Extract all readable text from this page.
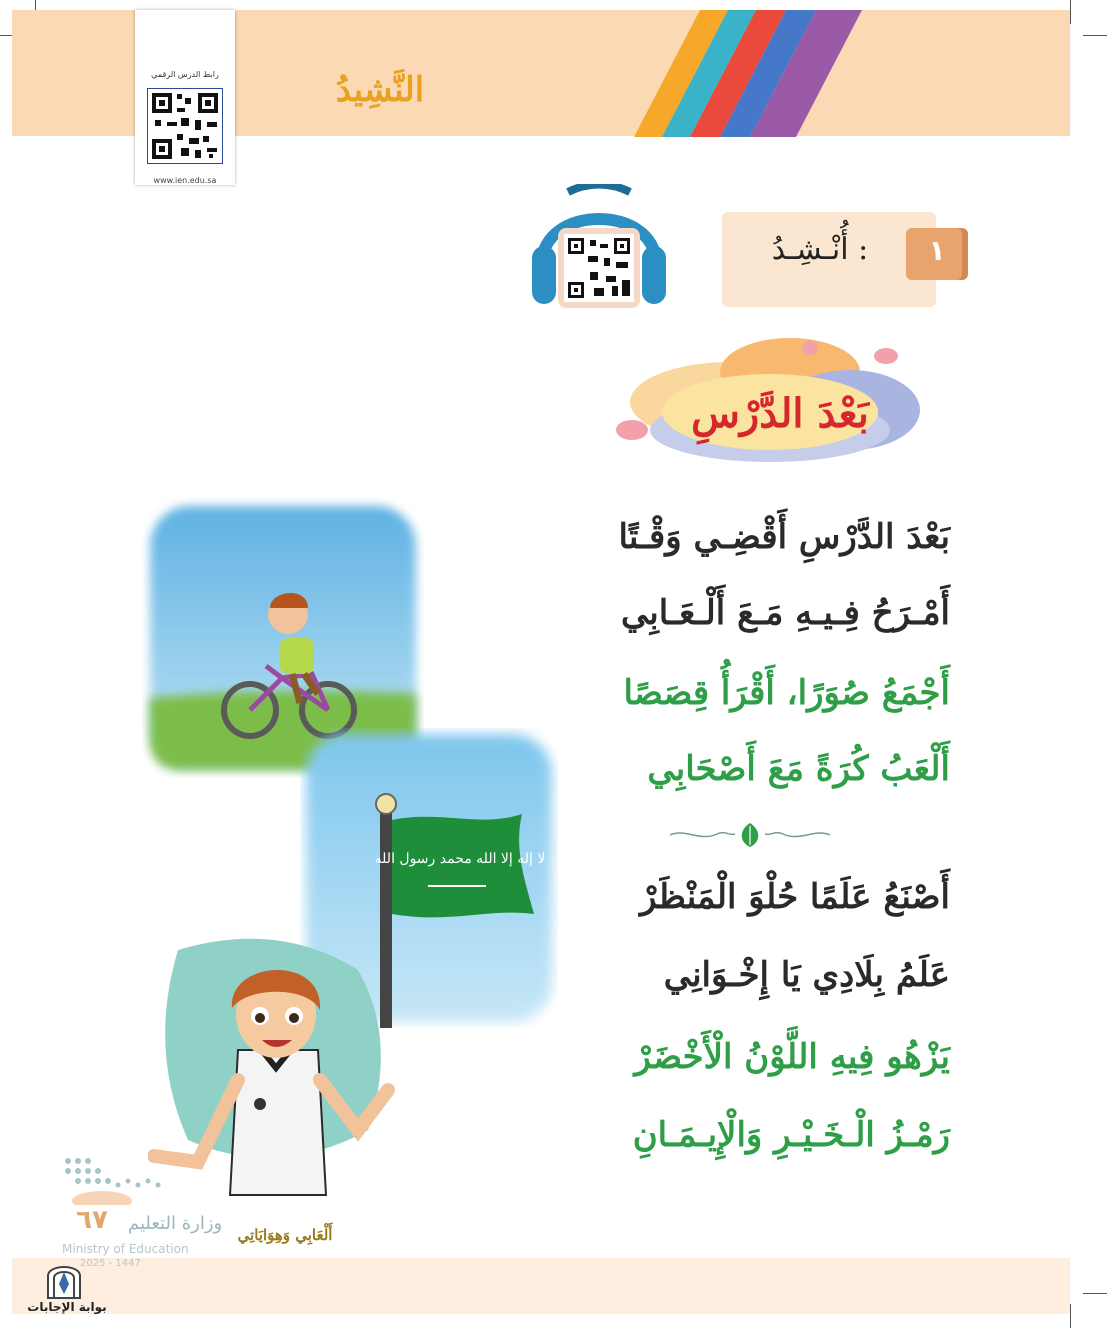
النَّشِيدُ
رابط الدرس الرقمي
www.ien.edu.sa
أُنْـشِـدُ :	١
بَعْدَ الدَّرْسِ
بَعْدَ الدَّرْسِ أَقْضِـي وَقْـتًا
أَمْـرَحُ فِـيـهِ مَـعَ أَلْـعَـابِي
أَجْمَعُ صُوَرًا، أَقْرَأُ قِصَصًا
أَلْعَبُ كُرَةً مَعَ أَصْحَابِي
أَصْنَعُ عَلَمًا حُلْوَ الْمَنْظَرْ
عَلَمُ بِلَادِي يَا إِخْـوَانِي
يَزْهُو فِيهِ اللَّوْنُ الْأَخْضَرْ
رَمْـزُ الْـخَـيْـرِ وَالْإِيـمَـانِ
لا إله إلا الله محمد رسول الله
وزارة التعليم
Ministry of Education
2025 - 1447
٦٧	أَلْعَابِي وَهِوَايَاتِي
بوابة الإجابات
